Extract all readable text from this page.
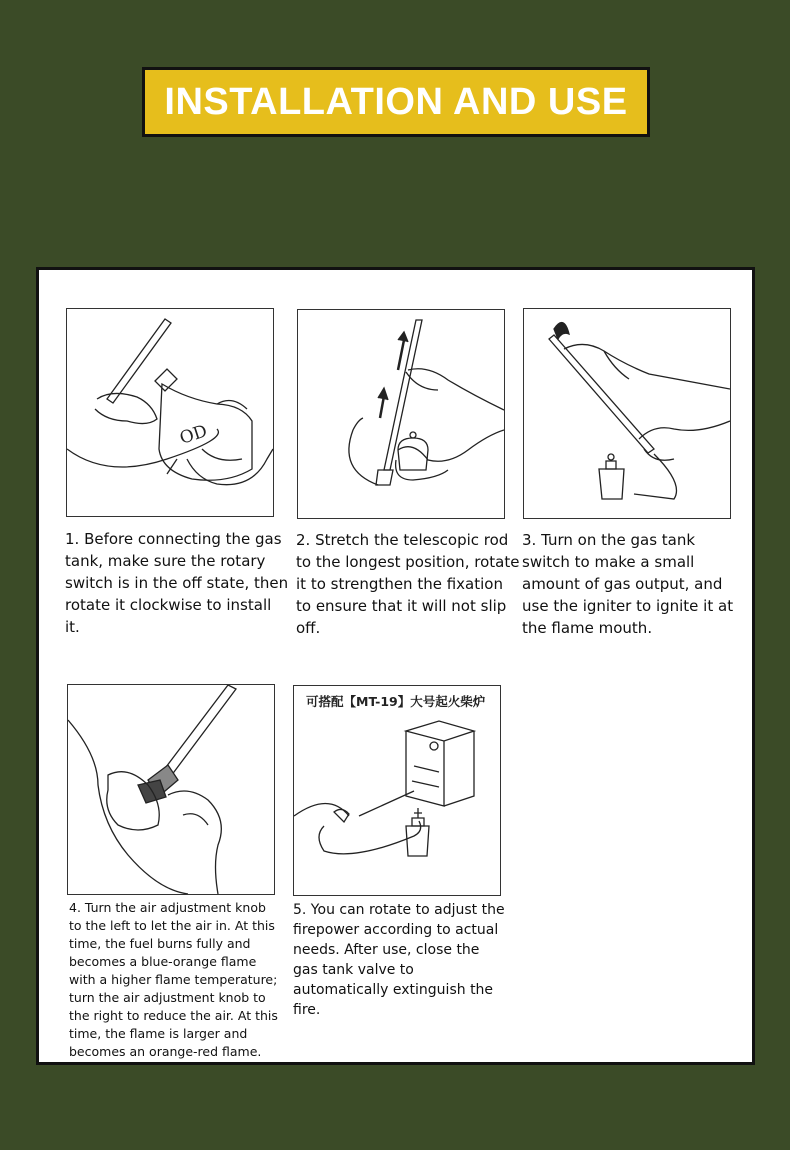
INSTALLATION AND USE
OD

1. Before connecting the gas tank, make sure the rotary switch is in the off state, then rotate it clockwise to install it.

2. Stretch the telescopic rod to the longest position, rotate it to strengthen the fixation to ensure that it will not slip off.

3. Turn on the gas tank switch to make a small amount of gas output, and use the igniter to ignite it at the flame mouth.

4. Turn the air adjustment knob to the left to let the air in. At this time, the fuel burns fully and becomes a blue-orange flame with a higher flame temperature; turn the air adjustment knob to the right to reduce the air. At this time, the flame is larger and becomes an orange-red flame.

可搭配【MT-19】大号起火柴炉

5. You can rotate to adjust the firepower according to actual needs. After use, close the gas tank valve to automatically extinguish the fire.
